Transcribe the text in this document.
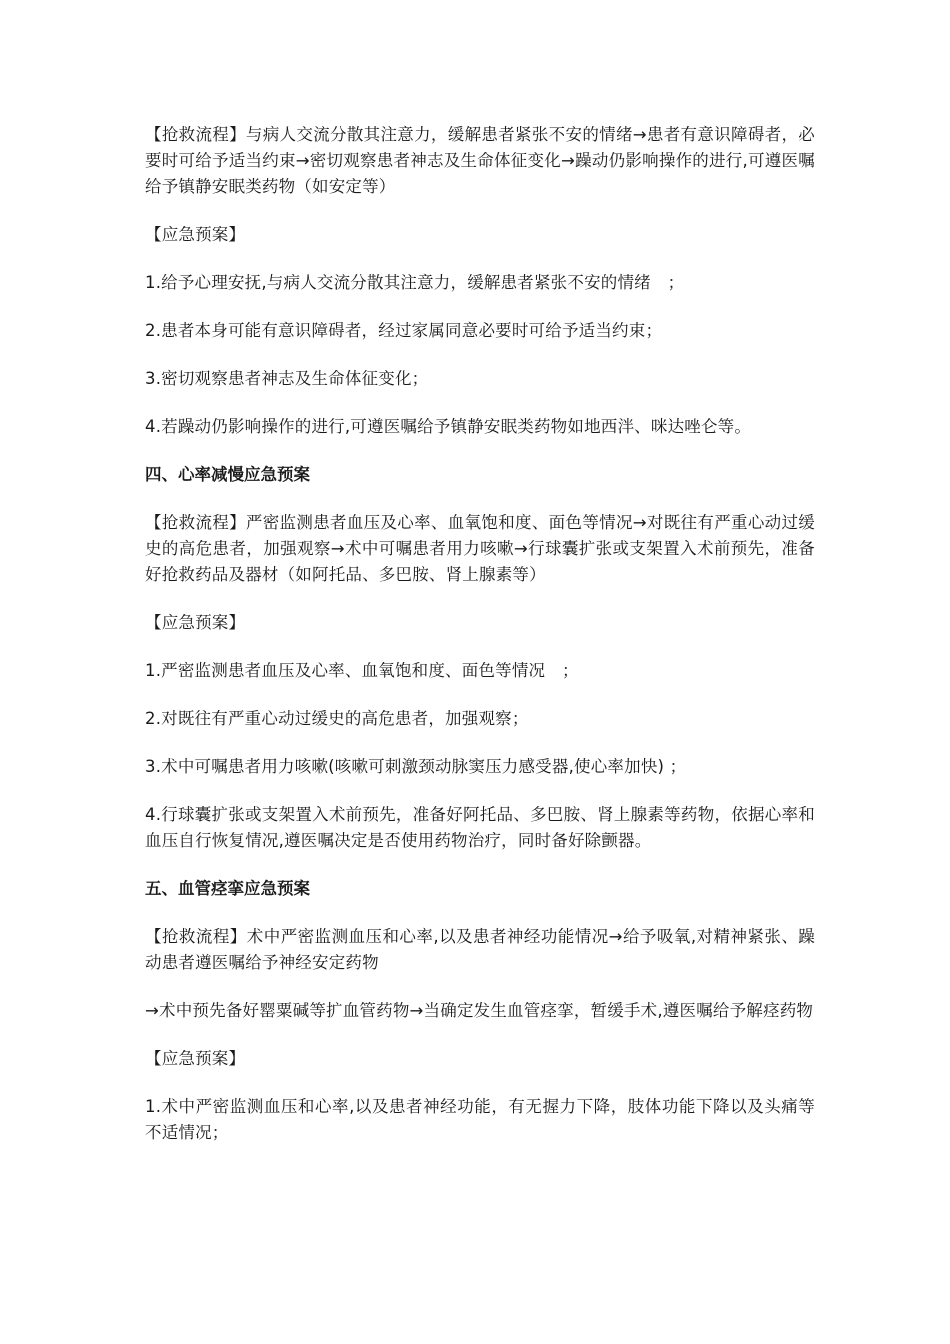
【抢救流程】与病人交流分散其注意力，缓解患者紧张不安的情绪→患者有意识障碍者，必要时可给予适当约束→密切观察患者神志及生命体征变化→躁动仍影响操作的进行,可遵医嘱给予镇静安眠类药物（如安定等）

【应急预案】

1.给予心理安抚,与病人交流分散其注意力，缓解患者紧张不安的情绪　；

2.患者本身可能有意识障碍者，经过家属同意必要时可给予适当约束；

3.密切观察患者神志及生命体征变化；

4.若躁动仍影响操作的进行,可遵医嘱给予镇静安眠类药物如地西泮、咪达唑仑等。

四、心率减慢应急预案

【抢救流程】严密监测患者血压及心率、血氧饱和度、面色等情况→对既往有严重心动过缓史的高危患者，加强观察→术中可嘱患者用力咳嗽→行球囊扩张或支架置入术前预先，准备好抢救药品及器材（如阿托品、多巴胺、肾上腺素等）

【应急预案】

1.严密监测患者血压及心率、血氧饱和度、面色等情况　；

2.对既往有严重心动过缓史的高危患者，加强观察；

3.术中可嘱患者用力咳嗽(咳嗽可刺激颈动脉窦压力感受器,使心率加快) ；

4.行球囊扩张或支架置入术前预先，准备好阿托品、多巴胺、肾上腺素等药物，依据心率和血压自行恢复情况,遵医嘱决定是否使用药物治疗，同时备好除颤器。

五、血管痉挛应急预案

【抢救流程】术中严密监测血压和心率,以及患者神经功能情况→给予吸氧,对精神紧张、躁动患者遵医嘱给予神经安定药物

→术中预先备好罂粟碱等扩血管药物→当确定发生血管痉挛，暂缓手术,遵医嘱给予解痉药物

【应急预案】

1.术中严密监测血压和心率,以及患者神经功能，有无握力下降，肢体功能下降以及头痛等不适情况；
